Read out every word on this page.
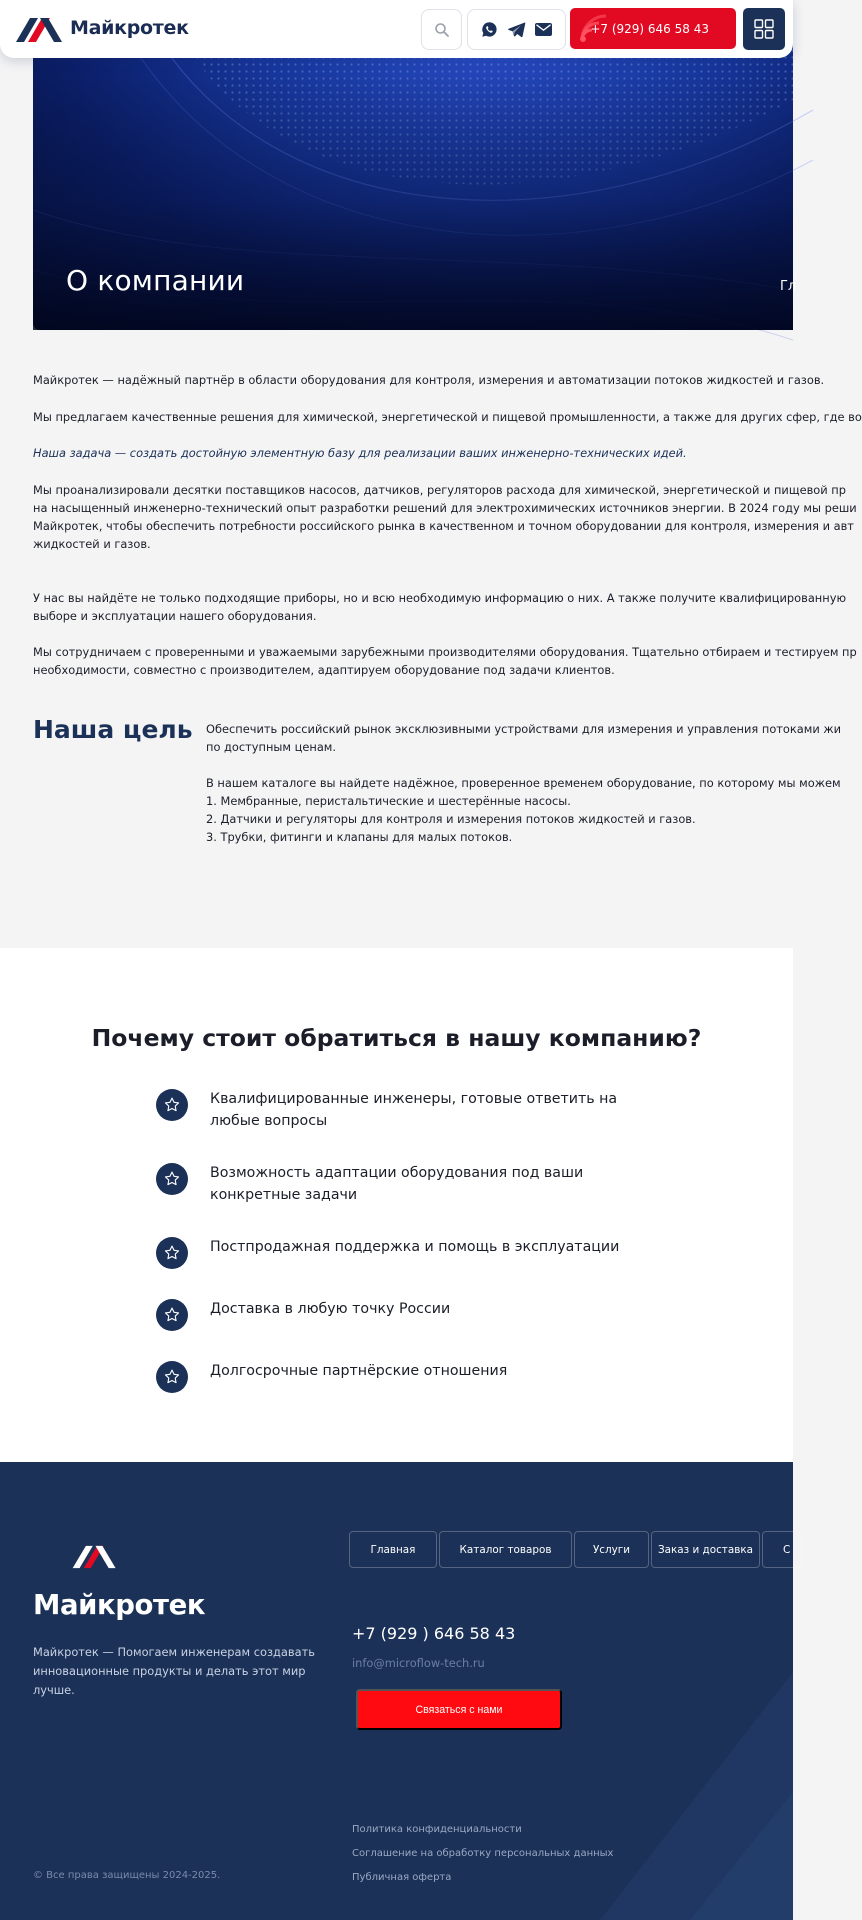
Майкротек	+7 (929) 646 58 43
О компании	Гл

Майкротек — надёжный партнёр в области оборудования для контроля, измерения и автоматизации потоков жидкостей и газов.

Мы предлагаем качественные решения для химической, энергетической и пищевой промышленности, а также для других сфер, где во

Наша задача — создать достойную элементную базу для реализации ваших инженерно-технических идей.

Мы проанализировали десятки поставщиков насосов, датчиков, регуляторов расхода для химической, энергетической и пищевой пр

на насыщенный инженерно-технический опыт разработки решений для электрохимических источников энергии. В 2024 году мы реши

Майкротек, чтобы обеспечить потребности российского рынка в качественном и точном оборудовании для контроля, измерения и авт

жидкостей и газов.

У нас вы найдёте не только подходящие приборы, но и всю необходимую информацию о них. А также получите квалифицированную

выборе и эксплуатации нашего оборудования.

Мы сотрудничаем с проверенными и уважаемыми зарубежными производителями оборудования. Тщательно отбираем и тестируем пр

необходимости, совместно с производителем, адаптируем оборудование под задачи клиентов.

Наша цель Обеспечить российский рынок эксклюзивными устройствами для измерения и управления потоками жи

по доступным ценам.

В нашем каталоге вы найдете надёжное, проверенное временем оборудование, по которому мы можем

1. Мембранные, перистальтические и шестерённые насосы.

2. Датчики и регуляторы для контроля и измерения потоков жидкостей и газов.

3. Трубки, фитинги и клапаны для малых потоков.

Почему стоит обратиться в нашу компанию?
Квалифицированные инженеры, готовые ответить на любые вопросы
Возможность адаптации оборудования под ваши конкретные задачи
Постпродажная поддержка и помощь в эксплуатации
Доставка в любую точку России
Долгосрочные партнёрские отношения
Майкротек

Майкротек — Помогаем инженерам создавать инновационные продукты и делать этот мир лучше.

Главная	Каталог товаров	Услуги	Заказ и доставка	С
+7 (929 ) 646 58 43
info@microflow-tech.ru
Связаться с нами
Политика конфиденциальности
Соглашение на обработку персональных данных
Публичная оферта
© Все права защищены 2024-2025.
